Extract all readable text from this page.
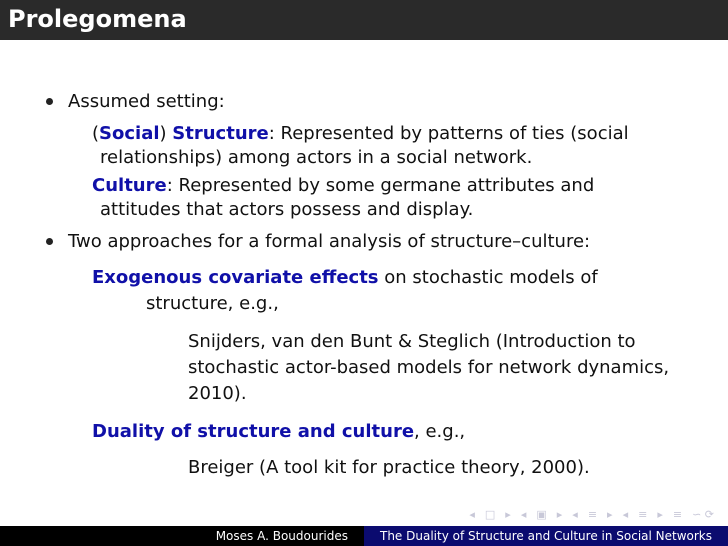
Prolegomena
Assumed setting:
(Social) Structure: Represented by patterns of ties (social
relationships) among actors in a social network.
Culture: Represented by some germane attributes and
attitudes that actors possess and display.
Two approaches for a formal analysis of structure–culture:
Exogenous covariate effects on stochastic models of
structure, e.g.,
Snijders, van den Bunt & Steglich (Introduction to
stochastic actor-based models for network dynamics,
2010).
Duality of structure and culture, e.g.,
Breiger (A tool kit for practice theory, 2000).
◂ □ ▸ ◂ ▣ ▸ ◂ ≡ ▸ ◂ ≡ ▸ ≡ ∽ ⟳
Moses A. Boudourides	The Duality of Structure and Culture in Social Networks
